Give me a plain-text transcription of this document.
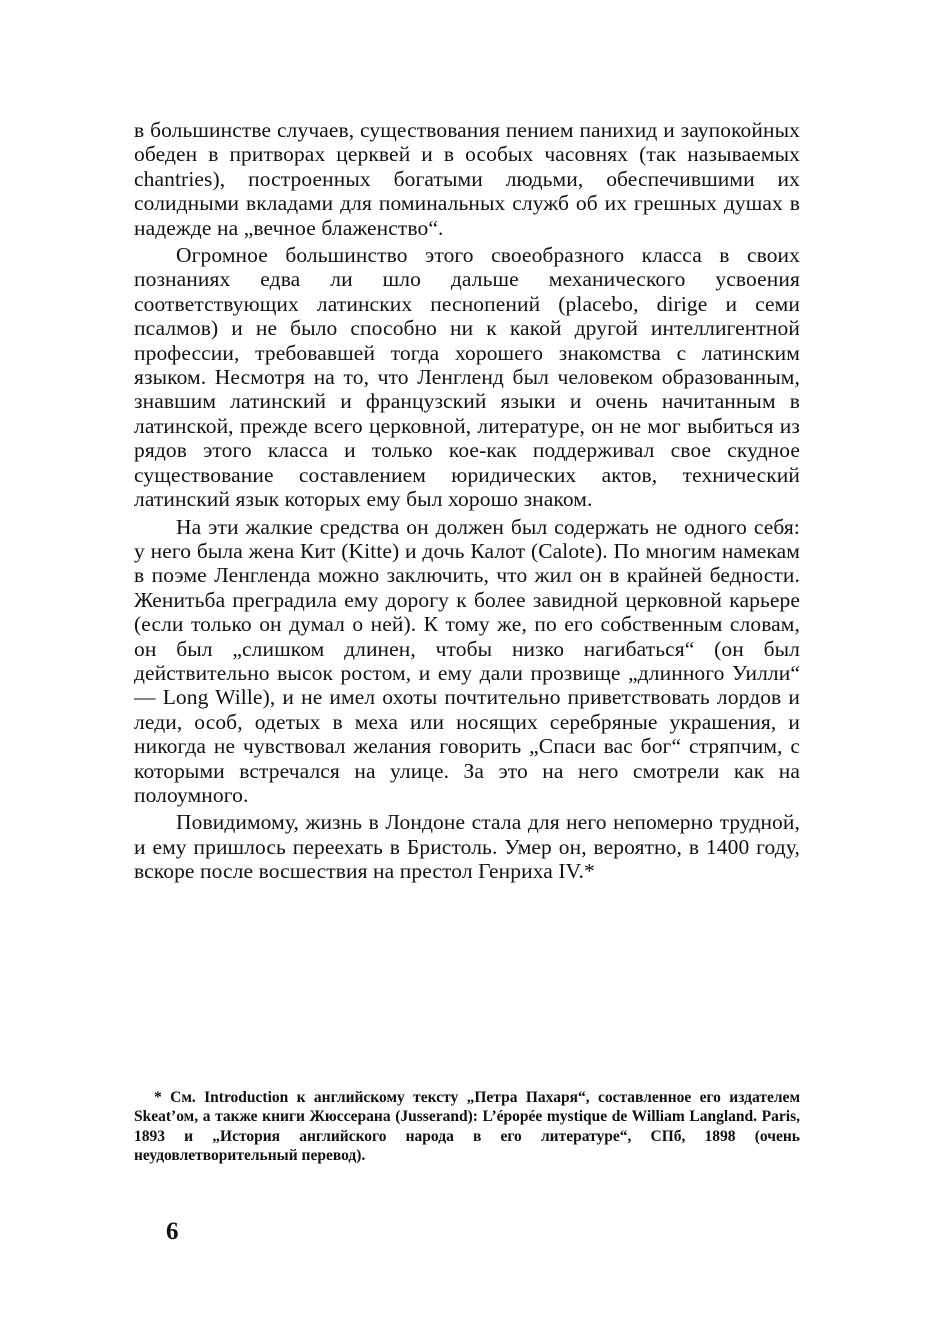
в большинстве случаев, существования пением панихид и заупокойных обеден в притворах церквей и в особых часовнях (так называемых chantries), построенных богатыми людьми, обеспечившими их солидными вкладами для поминальных служб об их грешных душах в надежде на „вечное блаженство“.

Огромное большинство этого своеобразного класса в своих познаниях едва ли шло дальше механического усвоения соответствующих латинских песнопений (placebo, dirige и семи псалмов) и не было способно ни к какой другой интеллигентной профессии, требовавшей тогда хорошего знакомства с латинским языком. Несмотря на то, что Ленгленд был человеком образованным, знавшим латинский и французский языки и очень начитанным в латинской, прежде всего церковной, литературе, он не мог выбиться из рядов этого класса и только кое-как поддерживал свое скудное существование составлением юридических актов, технический латинский язык которых ему был хорошо знаком.

На эти жалкие средства он должен был содержать не одного себя: у него была жена Кит (Kitte) и дочь Калот (Calote). По многим намекам в поэме Ленгленда можно заключить, что жил он в крайней бедности. Женитьба преградила ему дорогу к более завидной церковной карьере (если только он думал о ней). К тому же, по его собственным словам, он был „слишком длинен, чтобы низко нагибаться“ (он был действительно высок ростом, и ему дали прозвище „длинного Уилли“ — Long Wille), и не имел охоты почтительно приветствовать лордов и леди, особ, одетых в меха или носящих серебряные украшения, и никогда не чувствовал желания говорить „Спаси вас бог“ стряпчим, с которыми встречался на улице. За это на него смотрели как на полоумного.

Повидимому, жизнь в Лондоне стала для него непомерно трудной, и ему пришлось переехать в Бристоль. Умер он, вероятно, в 1400 году, вскоре после восшествия на престол Генриха IV.*

* См. Introduction к английскому тексту „Петра Пахаря“, составленное его издателем Skeat’ом, а также книги Жюссерана (Jusserand): L’épopée mystique de William Langland. Paris, 1893 и „История английского народа в его литературе“, СПб, 1898 (очень неудовлетворительный перевод).

6
